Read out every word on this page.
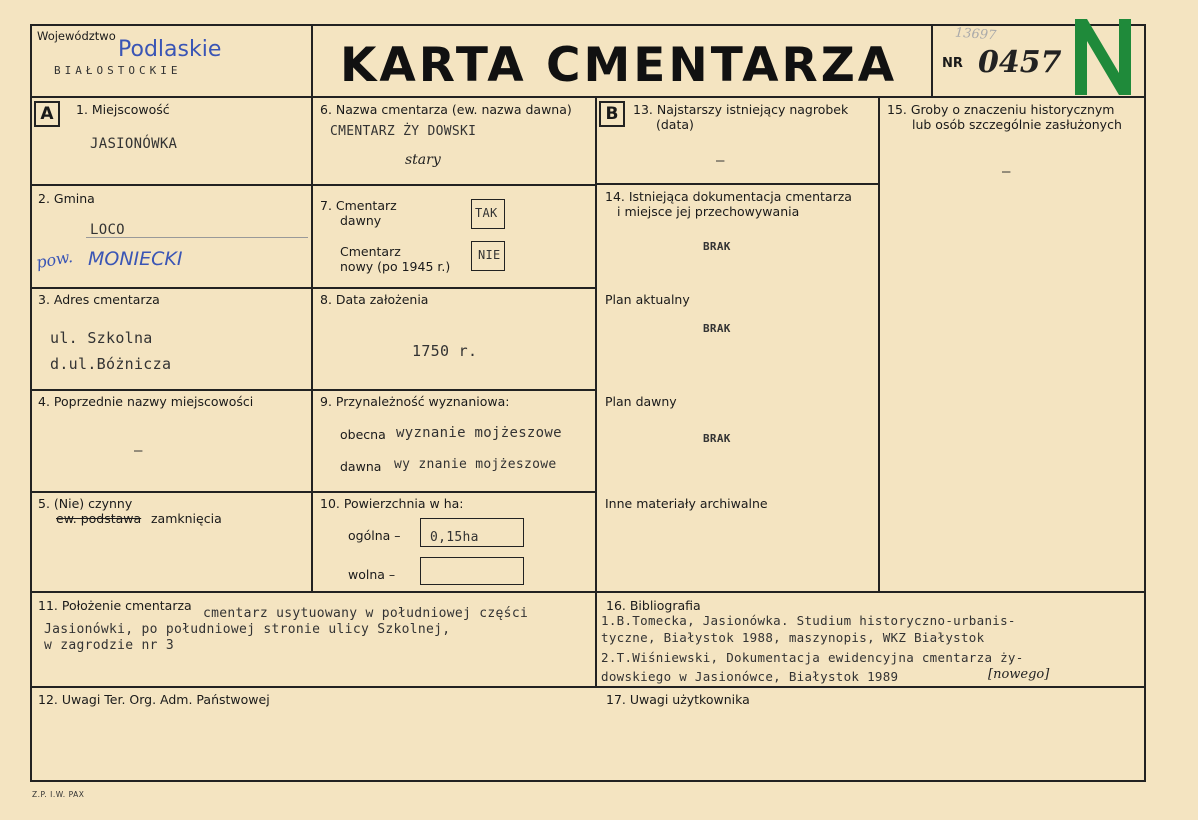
Województwo
Podlaskie
BIAŁOSTOCKIE	KARTA CMENTARZA	NR
13697
0457
A	1. Miejscowość
JASIONÓWKA
2. Gmina
LOCO
pow. MONIECKI
3. Adres cmentarza
ul. Szkolna
d.ul.Bóżnicza
4. Poprzednie nazwy miejscowości
–
5. (Nie) czynny
ew. podstawa zamknięcia
6. Nazwa cmentarza (ew. nazwa dawna)
CMENTARZ ŻY DOWSKI
stary
7. Cmentarz
dawny	TAK
Cmentarz
nowy (po 1945 r.)
NIE
8. Data założenia
1750 r.
9. Przynależność wyznaniowa:
obecna wyznanie mojżeszowe
dawna wy znanie mojżeszowe
10. Powierzchnia w ha:
ogólna – 0,15ha
wolna –
B	13. Najstarszy istniejący nagrobek
(data)
–
14. Istniejąca dokumentacja cmentarza
i miejsce jej przechowywania
BRAK
Plan aktualny
BRAK
Plan dawny
BRAK
Inne materiały archiwalne
15. Groby o znaczeniu historycznym
lub osób szczególnie zasłużonych
–
11. Położenie cmentarza
cmentarz usytuowany w południowej części
Jasionówki, po południowej stronie ulicy Szkolnej,
w zagrodzie nr 3
16. Bibliografia
1.B.Tomecka, Jasionówka. Studium historyczno-urbanis-
tyczne, Białystok 1988, maszynopis, WKZ Białystok
2.T.Wiśniewski, Dokumentacja ewidencyjna cmentarza ży-
dowskiego w Jasionówce, Białystok 1989	[nowego]
12. Uwagi Ter. Org. Adm. Państwowej	17. Uwagi użytkownika
Z.P. I.W. PAX
